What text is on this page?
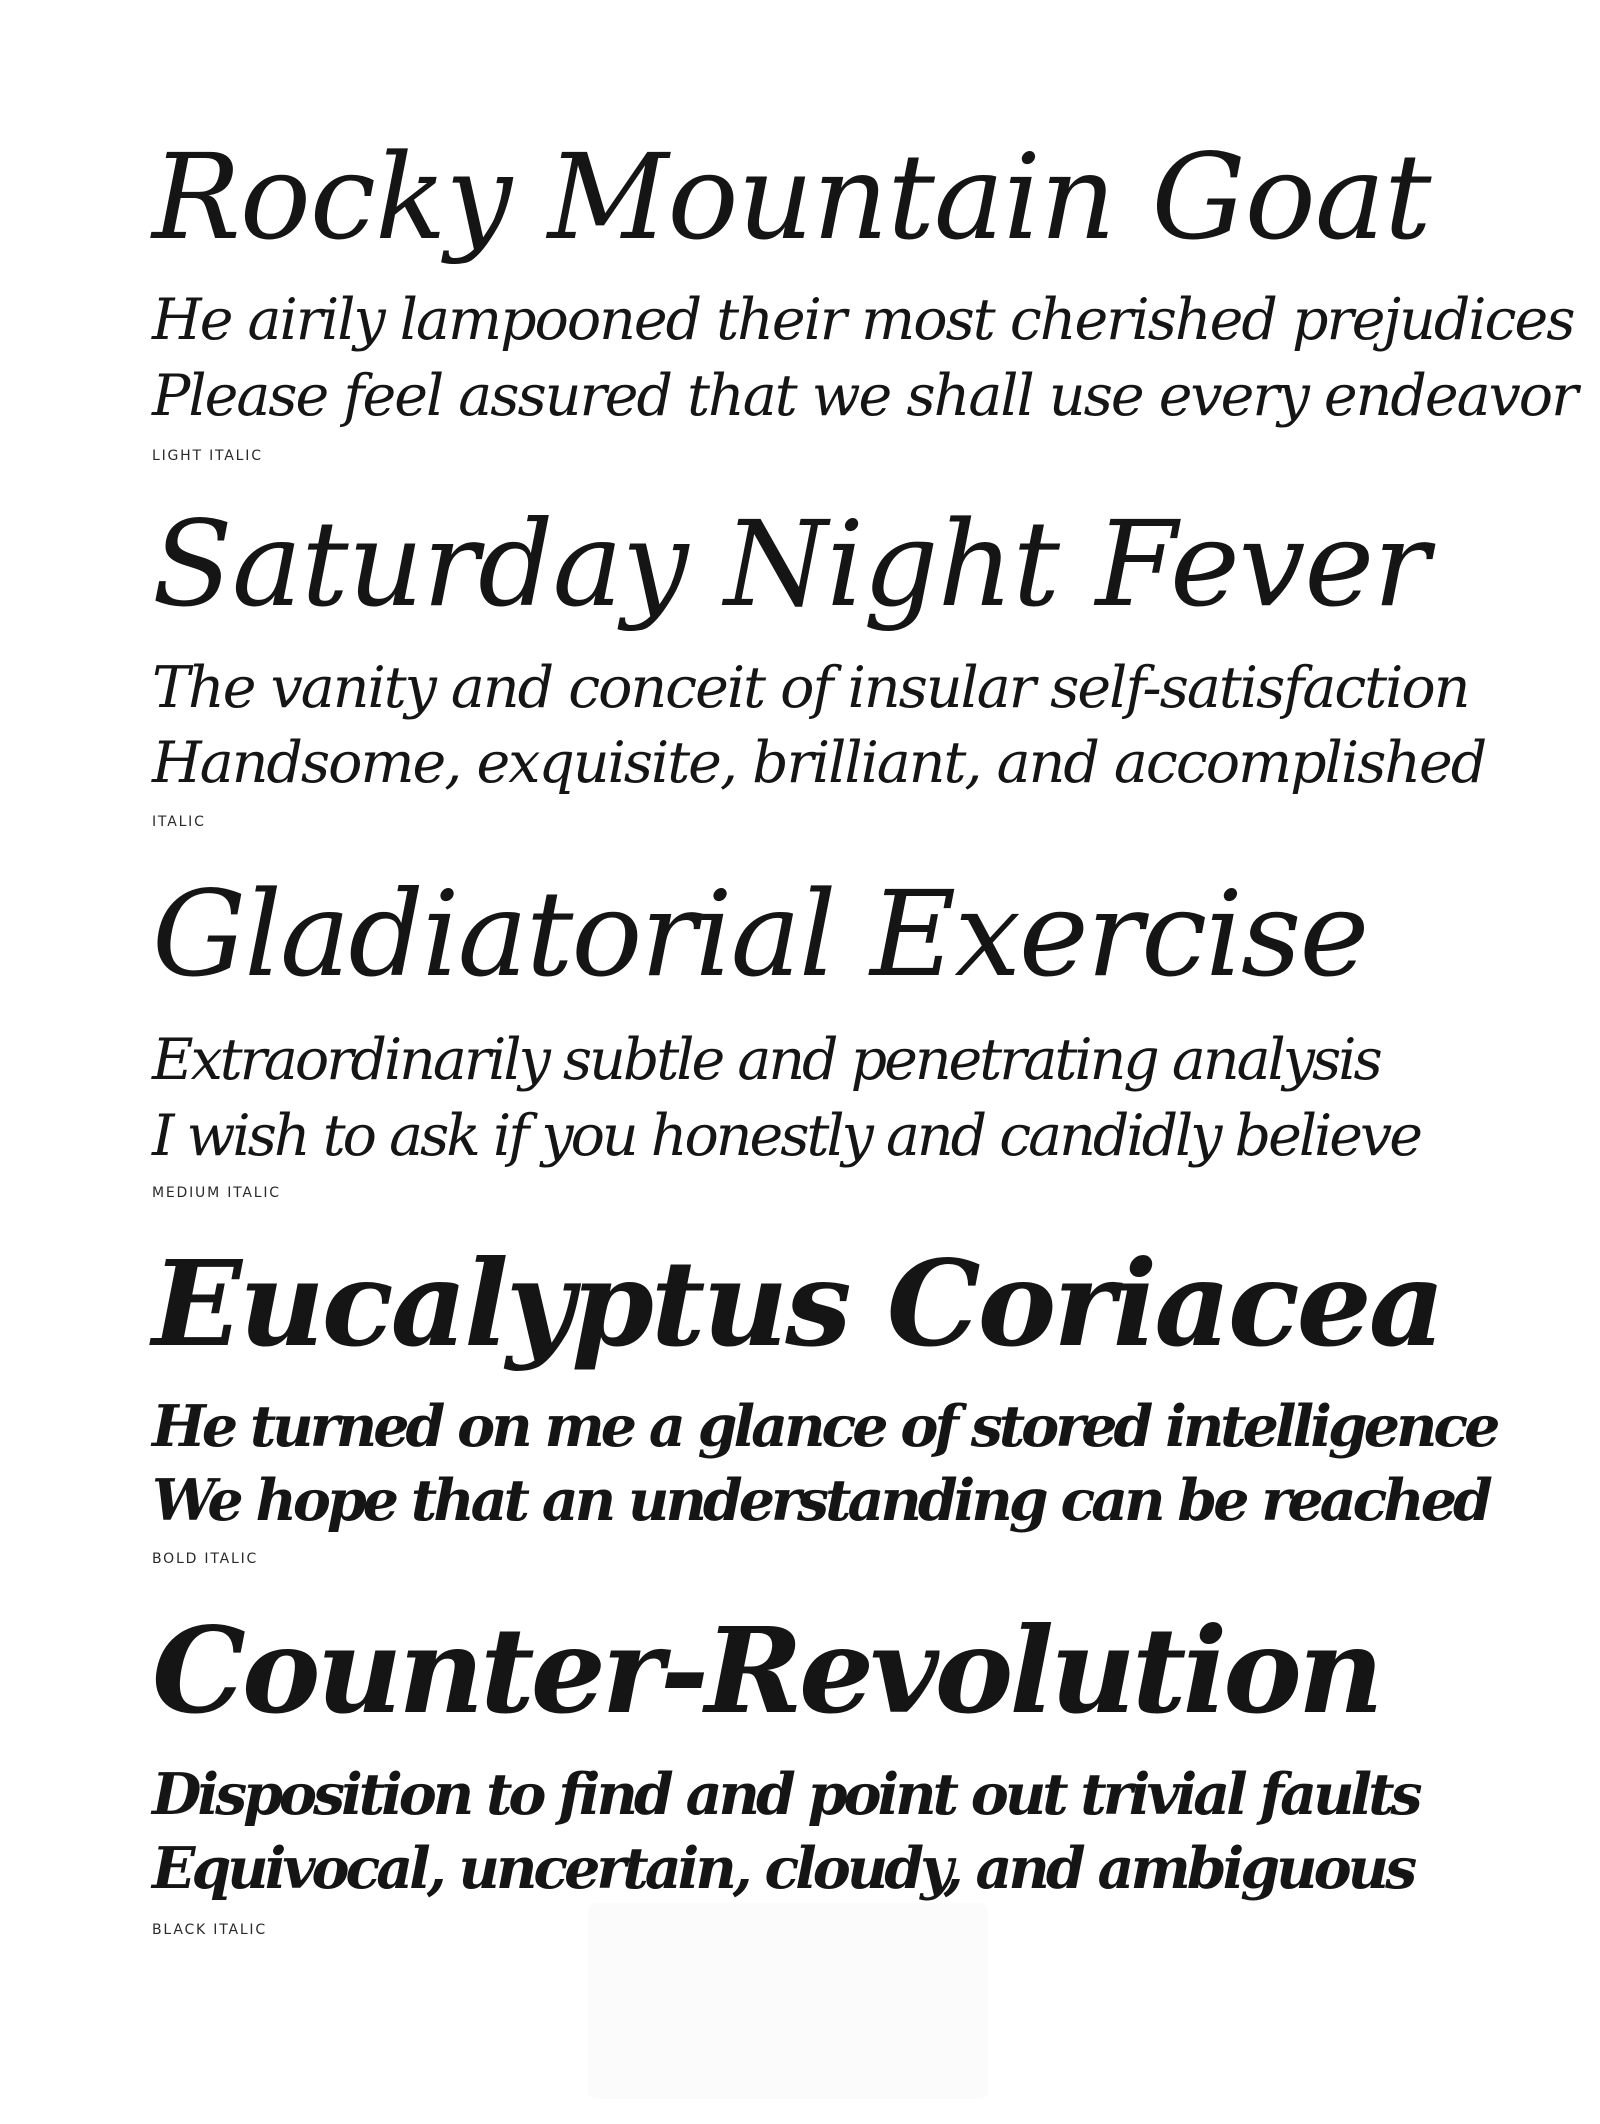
Rocky Mountain Goat

He airily lampooned their most cherished prejudices

Please feel assured that we shall use every endeavor

LIGHT ITALIC
Saturday Night Fever

The vanity and conceit of insular self-satisfaction

Handsome, exquisite, brilliant, and accomplished

ITALIC
Gladiatorial Exercise

Extraordinarily subtle and penetrating analysis

I wish to ask if you honestly and candidly believe

MEDIUM ITALIC
Eucalyptus Coriacea

He turned on me a glance of stored intelligence

We hope that an understanding can be reached

BOLD ITALIC
Counter-Revolution

Disposition to find and point out trivial faults

Equivocal, uncertain, cloudy, and ambiguous

BLACK ITALIC
